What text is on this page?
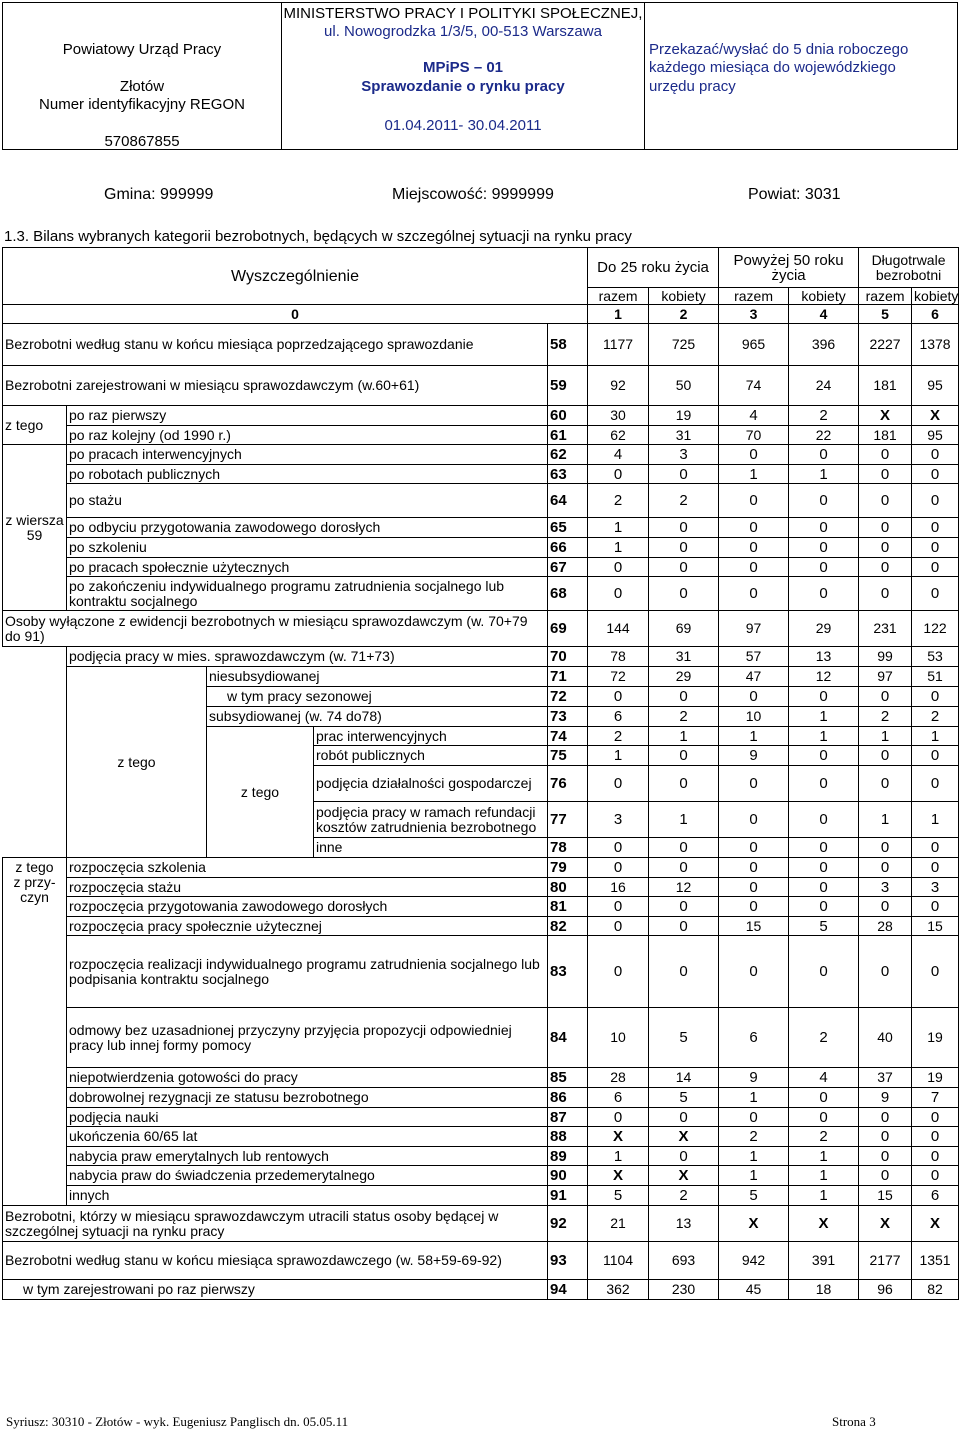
Powiatowy Urząd Pracy
Złotów
Numer identyfikacyjny REGON
570867855
MINISTERSTWO PRACY I POLITYKI SPOŁECZNEJ,
ul. Nowogrodzka 1/3/5, 00-513 Warszawa
MPiPS – 01
Sprawozdanie o rynku pracy
01.04.2011- 30.04.2011
Przekazać/wysłać do 5 dnia roboczego
każdego miesiąca do wojewódzkiego
urzędu pracy
Gmina: 999999	Miejscowość: 9999999	Powiat: 3031
1.3. Bilans wybranych kategorii bezrobotnych, będących w szczególnej sytuacji na rynku pracy
Wyszczególnienie					Do 25 roku życia		Powyżej 50 roku życia		Długotrwale bezrobotni	
					razem	kobiety	razem	kobiety	razem	kobiety
0					1	2	3	4	5	6
Bezrobotni według stanu w końcu miesiąca poprzedzającego sprawozdanie				58	1177	725	965	396	2227	1378
Bezrobotni zarejestrowani w miesiącu sprawozdawczym (w.60+61)				59	92	50	74	24	181	95
z tego	po raz pierwszy			60	30	19	4	2	X	X
	po raz kolejny (od 1990 r.)			61	62	31	70	22	181	95
z wiersza 59	po pracach interwencyjnych			62	4	3	0	0	0	0
	po robotach publicznych			63	0	0	1	1	0	0
	po stażu			64	2	2	0	0	0	0
	po odbyciu przygotowania zawodowego dorosłych			65	1	0	0	0	0	0
	po szkoleniu			66	1	0	0	0	0	0
	po pracach społecznie użytecznych			67	0	0	0	0	0	0
	po zakończeniu indywidualnego programu zatrudnienia socjalnego lub kontraktu socjalnego			68	0	0	0	0	0	0
Osoby wyłączone z ewidencji bezrobotnych w miesiącu sprawozdawczym (w. 70+79 do 91)				69	144	69	97	29	231	122
	podjęcia pracy w mies. sprawozdawczym (w. 71+73)			70	78	31	57	13	99	53
	z tego	niesubsydiowanej		71	72	29	47	12	97	51
		w tym pracy sezonowej		72	0	0	0	0	0	0
		subsydiowanej (w. 74 do78)		73	6	2	10	1	2	2
		z tego	prac interwencyjnych	74	2	1	1	1	1	1
			robót publicznych	75	1	0	9	0	0	0
			podjęcia działalności gospodarczej	76	0	0	0	0	0	0
			podjęcia pracy w ramach refundacji kosztów zatrudnienia bezrobotnego	77	3	1	0	0	1	1
			inne	78	0	0	0	0	0	0
z tego
z przy- czyn	rozpoczęcia szkolenia			79	0	0	0	0	0	0
	rozpoczęcia stażu			80	16	12	0	0	3	3
	rozpoczęcia przygotowania zawodowego dorosłych			81	0	0	0	0	0	0
	rozpoczęcia pracy społecznie użytecznej			82	0	0	15	5	28	15
	rozpoczęcia realizacji indywidualnego programu zatrudnienia socjalnego lub podpisania kontraktu socjalnego			83	0	0	0	0	0	0
	odmowy bez uzasadnionej przyczyny przyjęcia propozycji odpowiedniej pracy lub innej formy pomocy			84	10	5	6	2	40	19
	niepotwierdzenia gotowości do pracy			85	28	14	9	4	37	19
	dobrowolnej rezygnacji ze statusu bezrobotnego			86	6	5	1	0	9	7
	podjęcia nauki			87	0	0	0	0	0	0
	ukończenia 60/65 lat			88	X	X	2	2	0	0
	nabycia praw emerytalnych lub rentowych			89	1	0	1	1	0	0
	nabycia praw do świadczenia przedemerytalnego			90	X	X	1	1	0	0
	innych			91	5	2	5	1	15	6
Bezrobotni, którzy w miesiącu sprawozdawczym utracili status osoby będącej w szczególnej sytuacji na rynku pracy				92	21	13	X	X	X	X
Bezrobotni według stanu w końcu miesiąca sprawozdawczego (w. 58+59-69-92)				93	1104	693	942	391	2177	1351
w tym zarejestrowani po raz pierwszy				94	362	230	45	18	96	82
Syriusz: 30310 - Złotów - wyk. Eugeniusz Panglisch dn. 05.05.11	Strona 3
